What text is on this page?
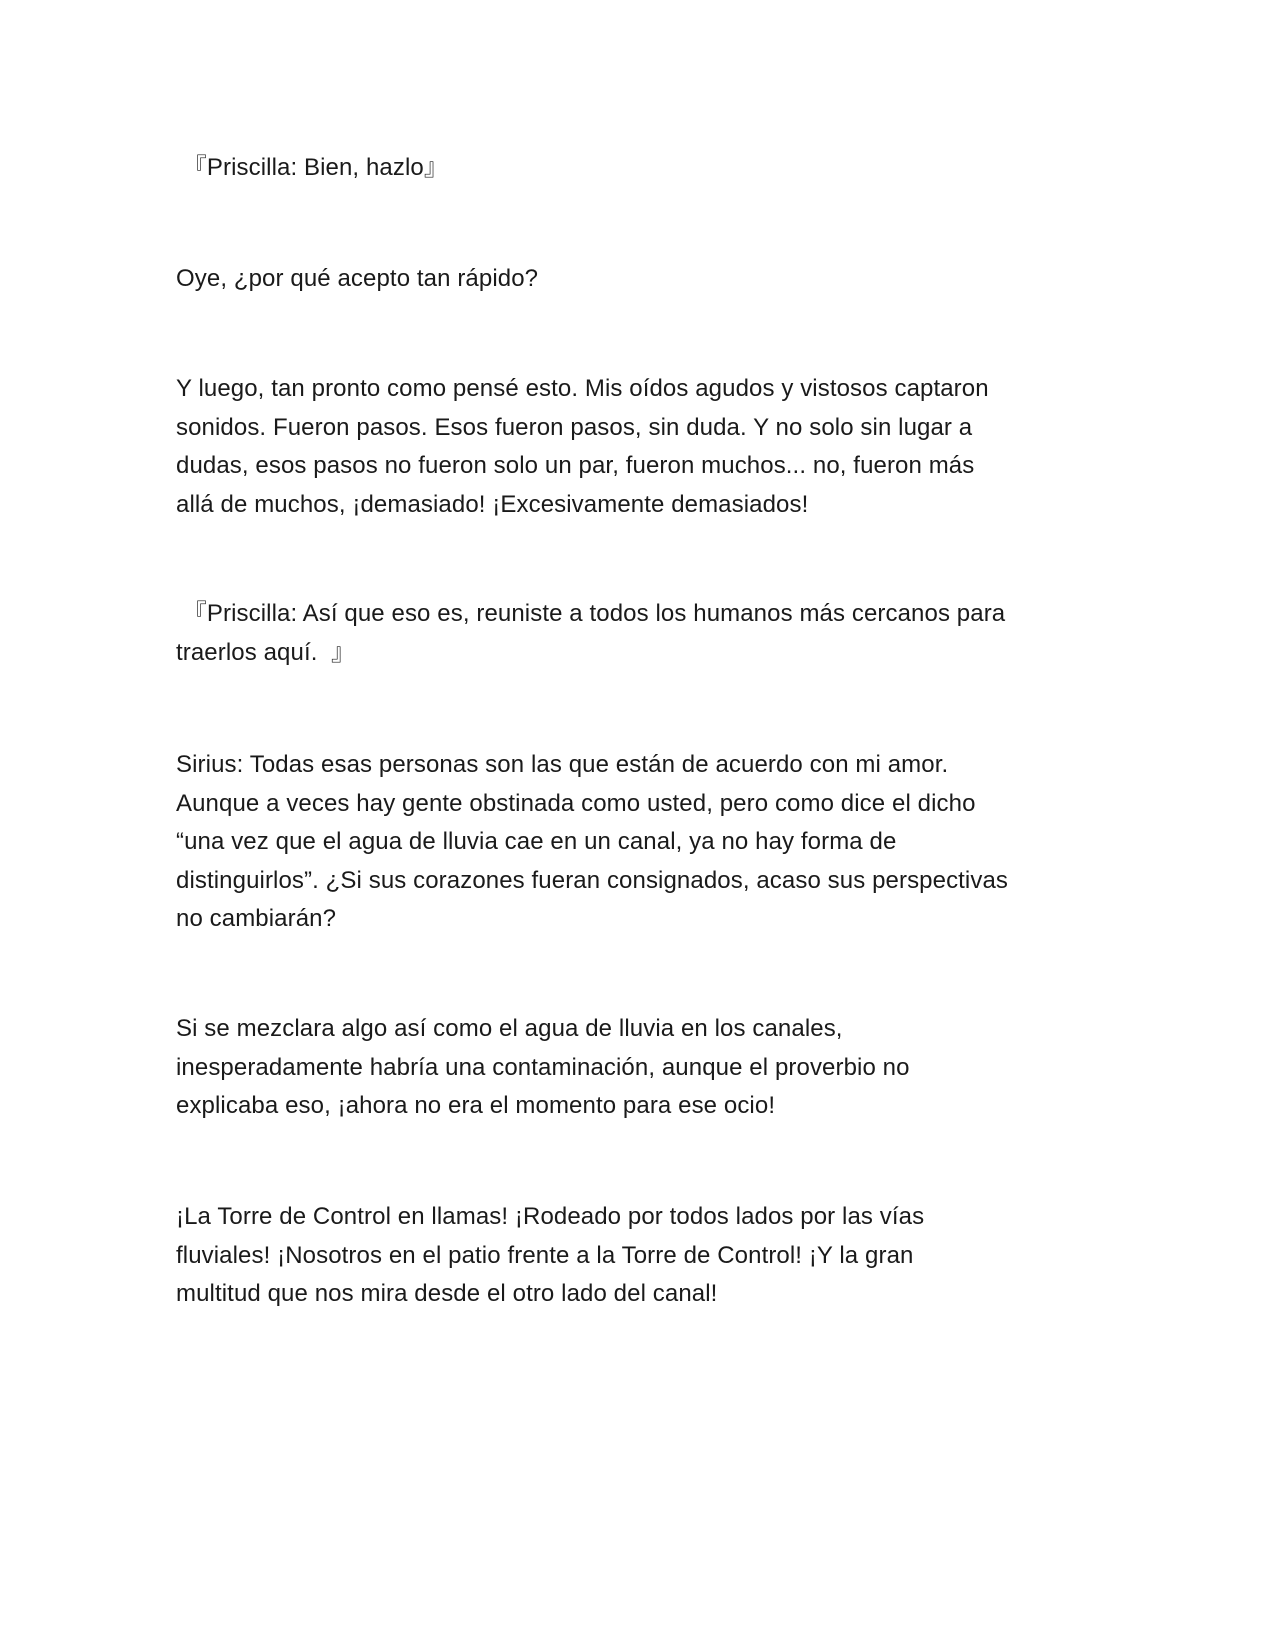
『Priscilla: Bien, hazlo』

Oye, ¿por qué acepto tan rápido?

Y luego, tan pronto como pensé esto. Mis oídos agudos y vistosos captaron
sonidos. Fueron pasos. Esos fueron pasos, sin duda. Y no solo sin lugar a
dudas, esos pasos no fueron solo un par, fueron muchos... no, fueron más
allá de muchos, ¡demasiado! ¡Excesivamente demasiados!

『Priscilla: Así que eso es, reuniste a todos los humanos más cercanos para
traerlos aquí.  』

Sirius: Todas esas personas son las que están de acuerdo con mi amor.
Aunque a veces hay gente obstinada como usted, pero como dice el dicho
“una vez que el agua de lluvia cae en un canal, ya no hay forma de
distinguirlos”. ¿Si sus corazones fueran consignados, acaso sus perspectivas
no cambiarán?

Si se mezclara algo así como el agua de lluvia en los canales,
inesperadamente habría una contaminación, aunque el proverbio no
explicaba eso, ¡ahora no era el momento para ese ocio!

¡La Torre de Control en llamas! ¡Rodeado por todos lados por las vías
fluviales! ¡Nosotros en el patio frente a la Torre de Control! ¡Y la gran
multitud que nos mira desde el otro lado del canal!
